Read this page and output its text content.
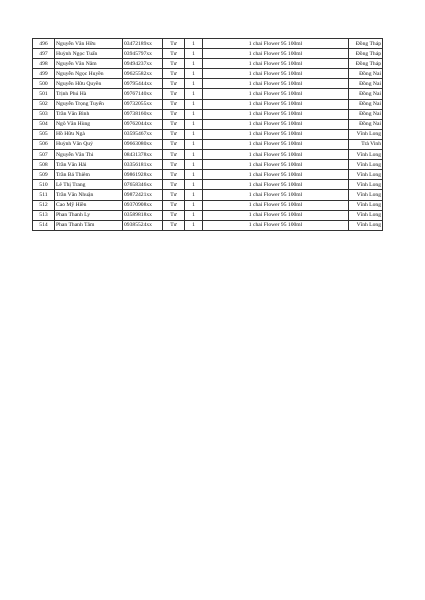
496	Nguyễn Văn Hữu	03472189xx	Tư	1	1 chai Flower 95 100ml	Đồng Tháp
497	Huỳnh Ngọc Tuấn	03945797xx	Tư	1	1 chai Flower 95 100ml	Đồng Tháp
498	Nguyễn Văn Nâm	09494237xx	Tư	1	1 chai Flower 95 100ml	Đồng Tháp
499	Nguyễn Ngọc Huyền	09625582xx	Tư	1	1 chai Flower 95 100ml	Đồng Nai
500	Nguyễn Hữu Quyền	09795444xx	Tư	1	1 chai Flower 95 100ml	Đồng Nai
501	Trịnh Phú Hà	09767140xx	Tư	1	1 chai Flower 95 100ml	Đồng Nai
502	Nguyễn Trọng Tuyến	09732055xx	Tư	1	1 chai Flower 95 100ml	Đồng Nai
503	Trần Văn Bình	09738160xx	Tư	1	1 chai Flower 95 100ml	Đồng Nai
504	Ngô Văn Hùng	09762044xx	Tư	1	1 chai Flower 95 100ml	Đồng Nai
505	Hồ Hữu Ngà	03595467xx	Tư	1	1 chai Flower 95 100ml	Vĩnh Long
506	Huỳnh Văn Quý	09663080xx	Tư	1	1 chai Flower 95 100ml	Trà Vinh
507	Nguyễn Văn Thi	08431378xx	Tư	1	1 chai Flower 95 100ml	Vĩnh Long
508	Trần Văn Hải	03356181xx	Tư	1	1 chai Flower 95 100ml	Vĩnh Long
509	Trần Bá Thiêm	09861928xx	Tư	1	1 chai Flower 95 100ml	Vĩnh Long
510	Lê Thị Trang	07658346xx	Tư	1	1 chai Flower 95 100ml	Vĩnh Long
511	Trần Văn Nhuận	09872421xx	Tư	1	1 chai Flower 95 100ml	Vĩnh Long
512	Cao Mỹ Hiền	09370908xx	Tư	1	1 chai Flower 95 100ml	Vĩnh Long
513	Phan Thanh Ly	03589818xx	Tư	1	1 chai Flower 95 100ml	Vĩnh Long
514	Phan Thanh Tâm	09385524xx	Tư	1	1 chai Flower 95 100ml	Vĩnh Long
